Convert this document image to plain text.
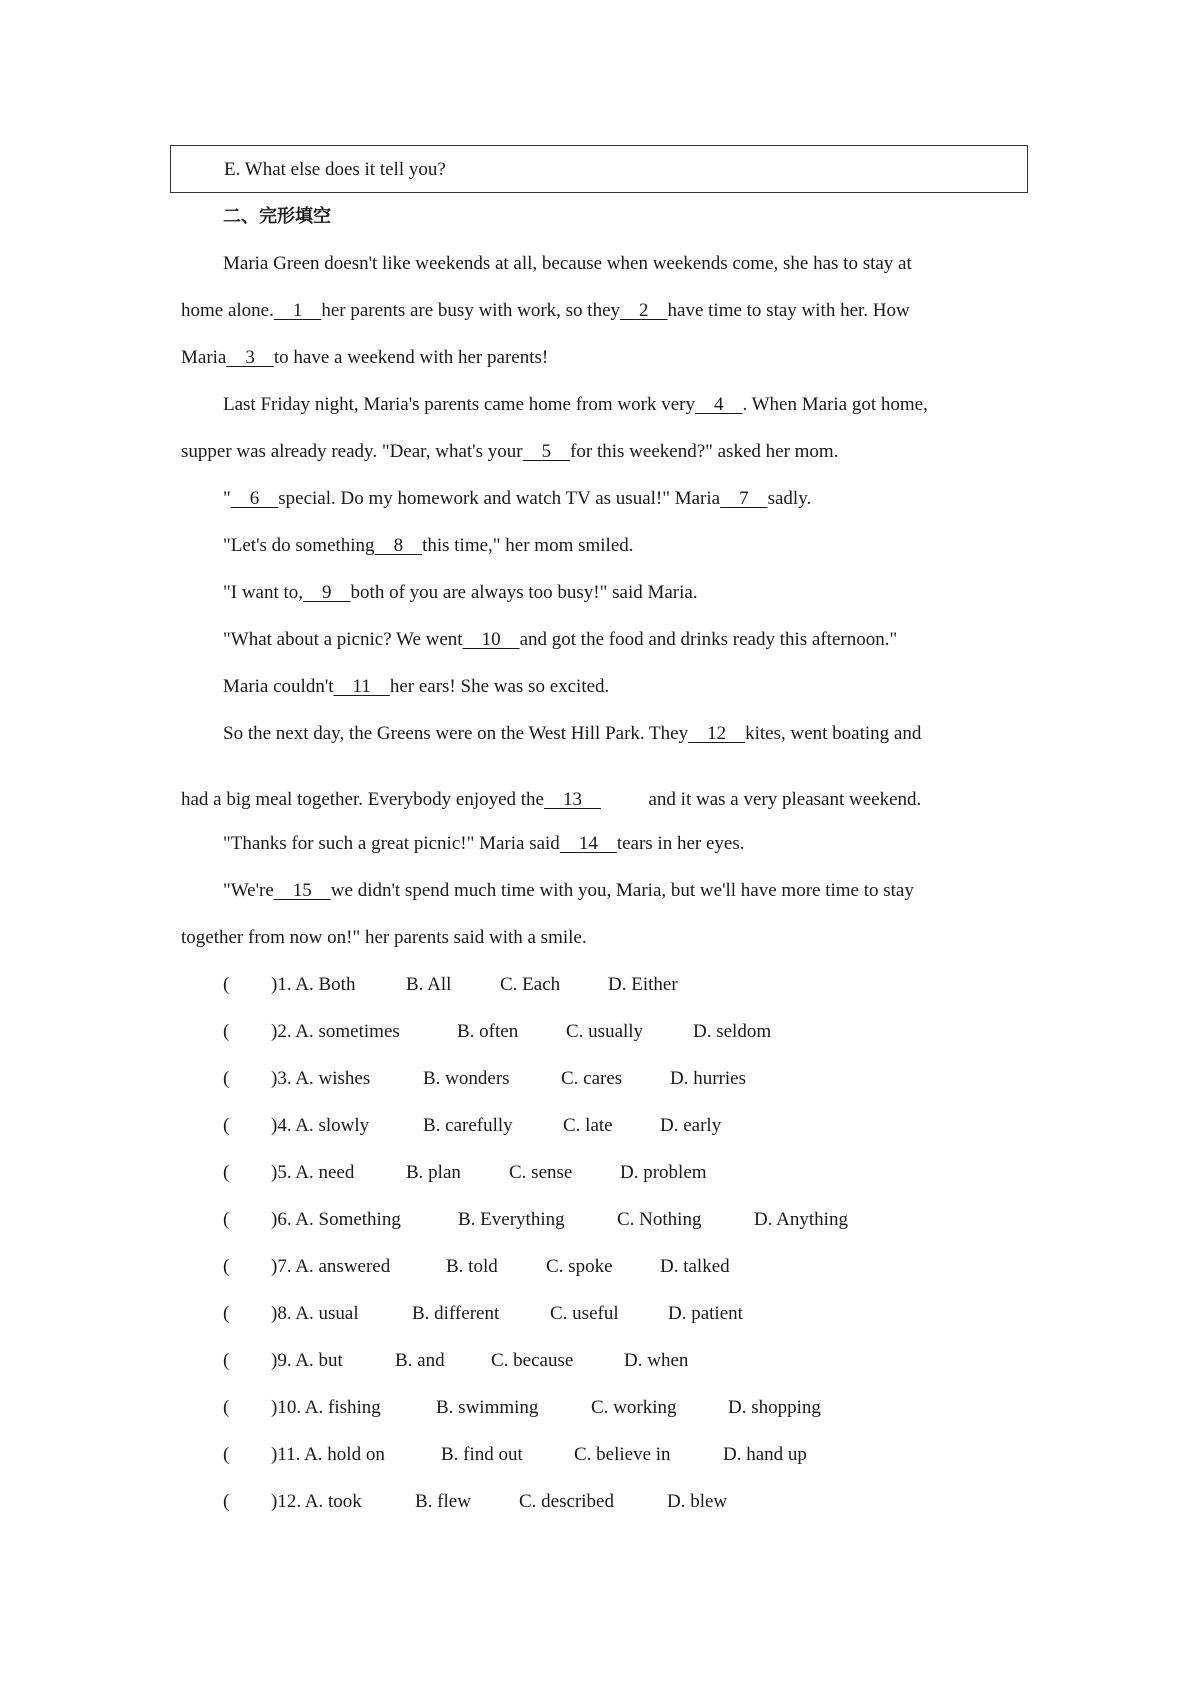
E. What else does it tell you?
二、完形填空
Maria Green doesn't like weekends at all, because when weekends come, she has to stay at
home alone.    1    her parents are busy with work, so they    2    have time to stay with her. How
Maria    3    to have a weekend with her parents!
Last Friday night, Maria's parents came home from work very    4    . When Maria got home,
supper was already ready. "Dear, what's your    5    for this weekend?" asked her mom.
"    6    special. Do my homework and watch TV as usual!" Maria    7    sadly.
"Let's do something    8    this time," her mom smiled.
"I want to,    9    both of you are always too busy!" said Maria.
"What about a picnic? We went    10    and got the food and drinks ready this afternoon."
Maria couldn't    11    her ears! She was so excited.
So the next day, the Greens were on the West Hill Park. They    12    kites, went boating and
had a big meal together. Everybody enjoyed the    13              and it was a very pleasant weekend.
"Thanks for such a great picnic!" Maria said    14    tears in her eyes.
"We're    15    we didn't spend much time with you, Maria, but we'll have more time to stay
together from now on!" her parents said with a smile.
( )1. A. Both	B. All	C. Each	D. Either
( )2. A. sometimes	B. often	C. usually	D. seldom
( )3. A. wishes	B. wonders	C. cares	D. hurries
( )4. A. slowly	B. carefully	C. late D. early
( )5. A. need	B. plan	C. sense	D. problem
( )6. A. Something	B. Everything	C. Nothing	D. Anything
( )7. A. answered	B. told	C. spoke	D. talked
( )8. A. usual	B. different	C. useful	D. patient
( )9. A. but	B. and C. because	D. when
( )10. A. fishing	B. swimming	C. working	D. shopping
( )11. A. hold on	B. find out	C. believe in	D. hand up
( )12. A. took	B. flew	C. described	D. blew
